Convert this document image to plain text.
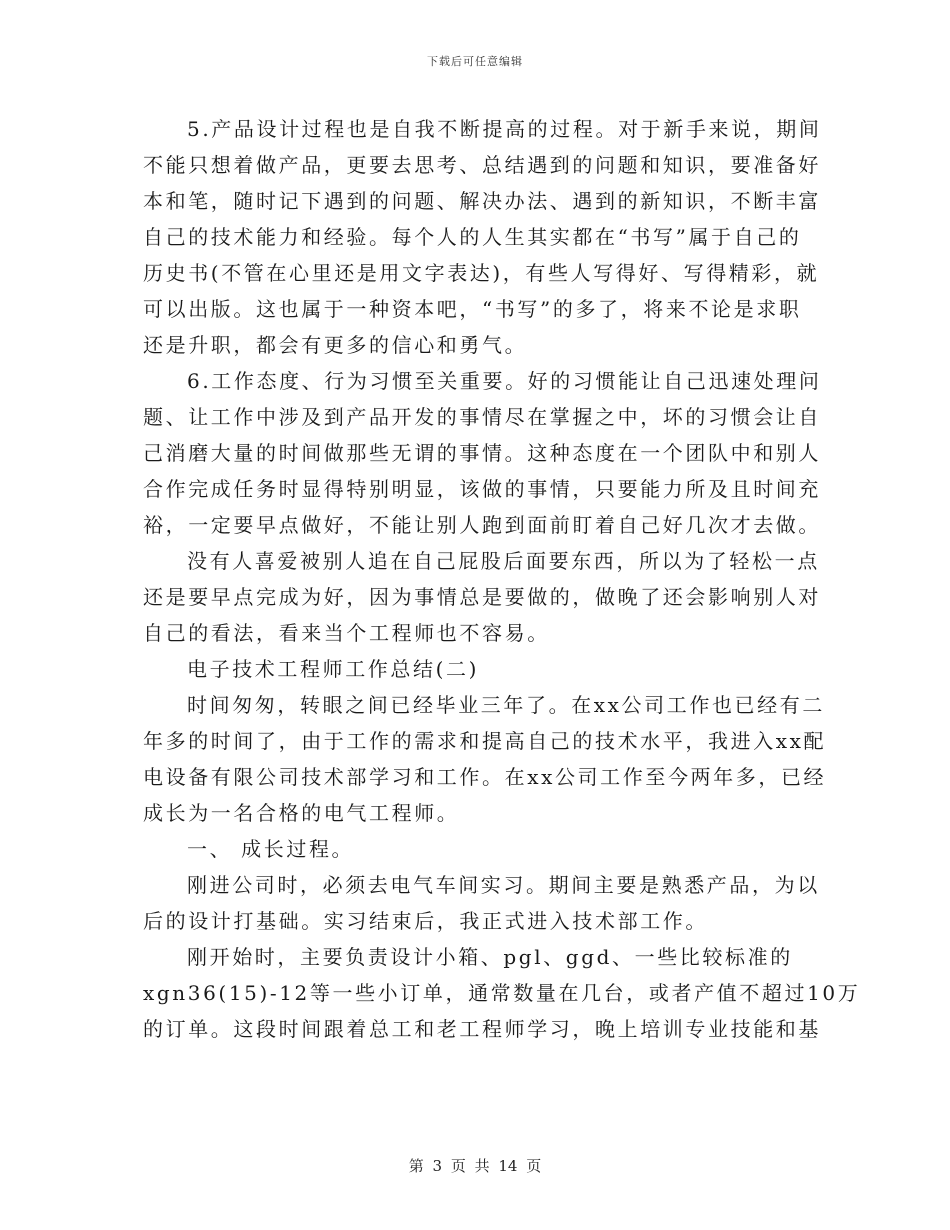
下载后可任意编辑
5.产品设计过程也是自我不断提高的过程。对于新手来说，期间
不能只想着做产品，更要去思考、总结遇到的问题和知识，要准备好
本和笔，随时记下遇到的问题、解决办法、遇到的新知识，不断丰富
自己的技术能力和经验。每个人的人生其实都在“书写”属于自己的
历史书(不管在心里还是用文字表达)，有些人写得好、写得精彩，就
可以出版。这也属于一种资本吧，“书写”的多了，将来不论是求职
还是升职，都会有更多的信心和勇气。
6.工作态度、行为习惯至关重要。好的习惯能让自己迅速处理问
题、让工作中涉及到产品开发的事情尽在掌握之中，坏的习惯会让自
己消磨大量的时间做那些无谓的事情。这种态度在一个团队中和别人
合作完成任务时显得特别明显，该做的事情，只要能力所及且时间充
裕，一定要早点做好，不能让别人跑到面前盯着自己好几次才去做。
没有人喜爱被别人追在自己屁股后面要东西，所以为了轻松一点
还是要早点完成为好，因为事情总是要做的，做晚了还会影响别人对
自己的看法，看来当个工程师也不容易。
电子技术工程师工作总结(二)
时间匆匆，转眼之间已经毕业三年了。在xx公司工作也已经有二
年多的时间了，由于工作的需求和提高自己的技术水平，我进入xx配
电设备有限公司技术部学习和工作。在xx公司工作至今两年多，已经
成长为一名合格的电气工程师。
一、 成长过程。
刚进公司时，必须去电气车间实习。期间主要是熟悉产品，为以
后的设计打基础。实习结束后，我正式进入技术部工作。
刚开始时，主要负责设计小箱、pgl、ggd、一些比较标准的
xgn36(15)-12等一些小订单，通常数量在几台，或者产值不超过10万
的订单。这段时间跟着总工和老工程师学习，晚上培训专业技能和基
第 3 页 共 14 页
